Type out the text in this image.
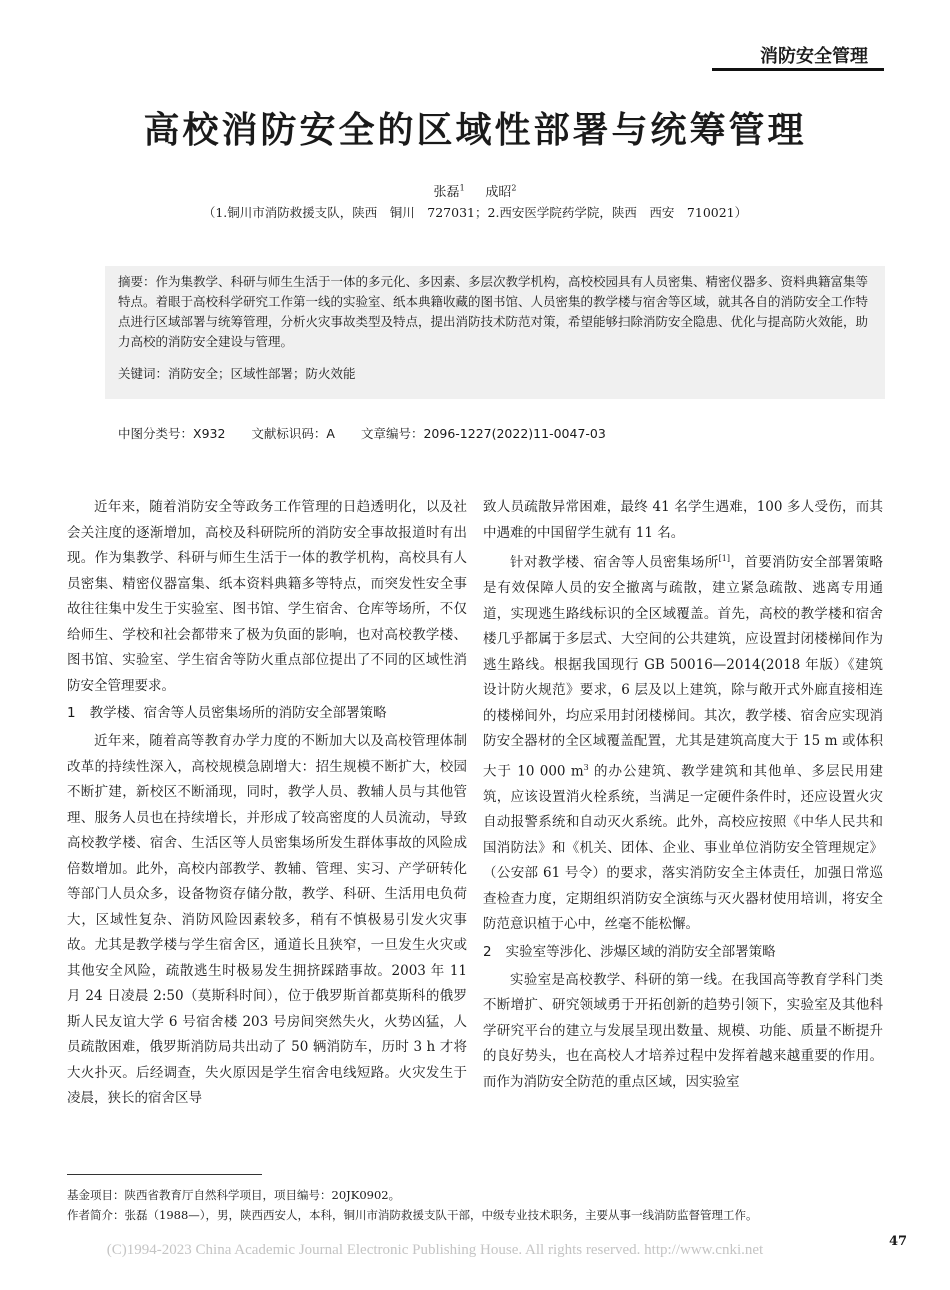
消防安全管理
高校消防安全的区域性部署与统筹管理
张磊$^1$ 成昭$^2$
（1.铜川市消防救援支队，陕西　铜川　727031；2.西安医学院药学院，陕西　西安　710021）
摘要：作为集教学、科研与师生生活于一体的多元化、多因素、多层次教学机构，高校校园具有人员密集、精密仪器多、资料典籍富集等特点。着眼于高校科学研究工作第一线的实验室、纸本典籍收藏的图书馆、人员密集的教学楼与宿舍等区域，就其各自的消防安全工作特点进行区域部署与统筹管理，分析火灾事故类型及特点，提出消防技术防范对策，希望能够扫除消防安全隐患、优化与提高防火效能，助力高校的消防安全建设与管理。
关键词：消防安全；区域性部署；防火效能
中图分类号：X932 文献标识码：A 文章编号：2096-1227(2022)11-0047-03

近年来，随着消防安全等政务工作管理的日趋透明化，以及社会关注度的逐渐增加，高校及科研院所的消防安全事故报道时有出现。作为集教学、科研与师生生活于一体的教学机构，高校具有人员密集、精密仪器富集、纸本资料典籍多等特点，而突发性安全事故往往集中发生于实验室、图书馆、学生宿舍、仓库等场所，不仅给师生、学校和社会都带来了极为负面的影响，也对高校教学楼、图书馆、实验室、学生宿舍等防火重点部位提出了不同的区域性消防安全管理要求。

1 教学楼、宿舍等人员密集场所的消防安全部署策略

近年来，随着高等教育办学力度的不断加大以及高校管理体制改革的持续性深入，高校规模急剧增大：招生规模不断扩大，校园不断扩建，新校区不断涌现，同时，教学人员、教辅人员与其他管理、服务人员也在持续增长，并形成了较高密度的人员流动，导致高校教学楼、宿舍、生活区等人员密集场所发生群体事故的风险成倍数增加。此外，高校内部教学、教辅、管理、实习、产学研转化等部门人员众多，设备物资存储分散，教学、科研、生活用电负荷大，区域性复杂、消防风险因素较多，稍有不慎极易引发火灾事故。尤其是教学楼与学生宿舍区，通道长且狭窄，一旦发生火灾或其他安全风险，疏散逃生时极易发生拥挤踩踏事故。2003 年 11 月 24 日凌晨 2:50（莫斯科时间），位于俄罗斯首都莫斯科的俄罗斯人民友谊大学 6 号宿舍楼 203 号房间突然失火，火势凶猛，人员疏散困难，俄罗斯消防局共出动了 50 辆消防车，历时 3 h 才将大火扑灭。后经调查，失火原因是学生宿舍电线短路。火灾发生于凌晨，狭长的宿舍区导

致人员疏散异常困难，最终 41 名学生遇难，100 多人受伤，而其中遇难的中国留学生就有 11 名。

针对教学楼、宿舍等人员密集场所[1]，首要消防安全部署策略是有效保障人员的安全撤离与疏散，建立紧急疏散、逃离专用通道，实现逃生路线标识的全区域覆盖。首先，高校的教学楼和宿舍楼几乎都属于多层式、大空间的公共建筑，应设置封闭楼梯间作为逃生路线。根据我国现行 GB 50016—2014(2018 年版）《建筑设计防火规范》要求，6 层及以上建筑，除与敞开式外廊直接相连的楼梯间外，均应采用封闭楼梯间。其次，教学楼、宿舍应实现消防安全器材的全区域覆盖配置，尤其是建筑高度大于 15 m 或体积大于 10 000 $m^3$ 的办公建筑、教学建筑和其他单、多层民用建筑，应该设置消火栓系统，当满足一定硬件条件时，还应设置火灾自动报警系统和自动灭火系统。此外，高校应按照《中华人民共和国消防法》和《机关、团体、企业、事业单位消防安全管理规定》（公安部 61 号令）的要求，落实消防安全主体责任，加强日常巡查检查力度，定期组织消防安全演练与灭火器材使用培训，将安全防范意识植于心中，丝毫不能松懈。

2 实验室等涉化、涉爆区域的消防安全部署策略

实验室是高校教学、科研的第一线。在我国高等教育学科门类不断增扩、研究领域勇于开拓创新的趋势引领下，实验室及其他科学研究平台的建立与发展呈现出数量、规模、功能、质量不断提升的良好势头，也在高校人才培养过程中发挥着越来越重要的作用。而作为消防安全防范的重点区域，因实验室

基金项目：陕西省教育厅自然科学项目，项目编号：20JK0902。
作者简介：张磊（1988—），男，陕西西安人，本科，铜川市消防救援支队干部，中级专业技术职务，主要从事一线消防监督管理工作。
(C)1994-2023 China Academic Journal Electronic Publishing House. All rights reserved. http://www.cnki.net
47
